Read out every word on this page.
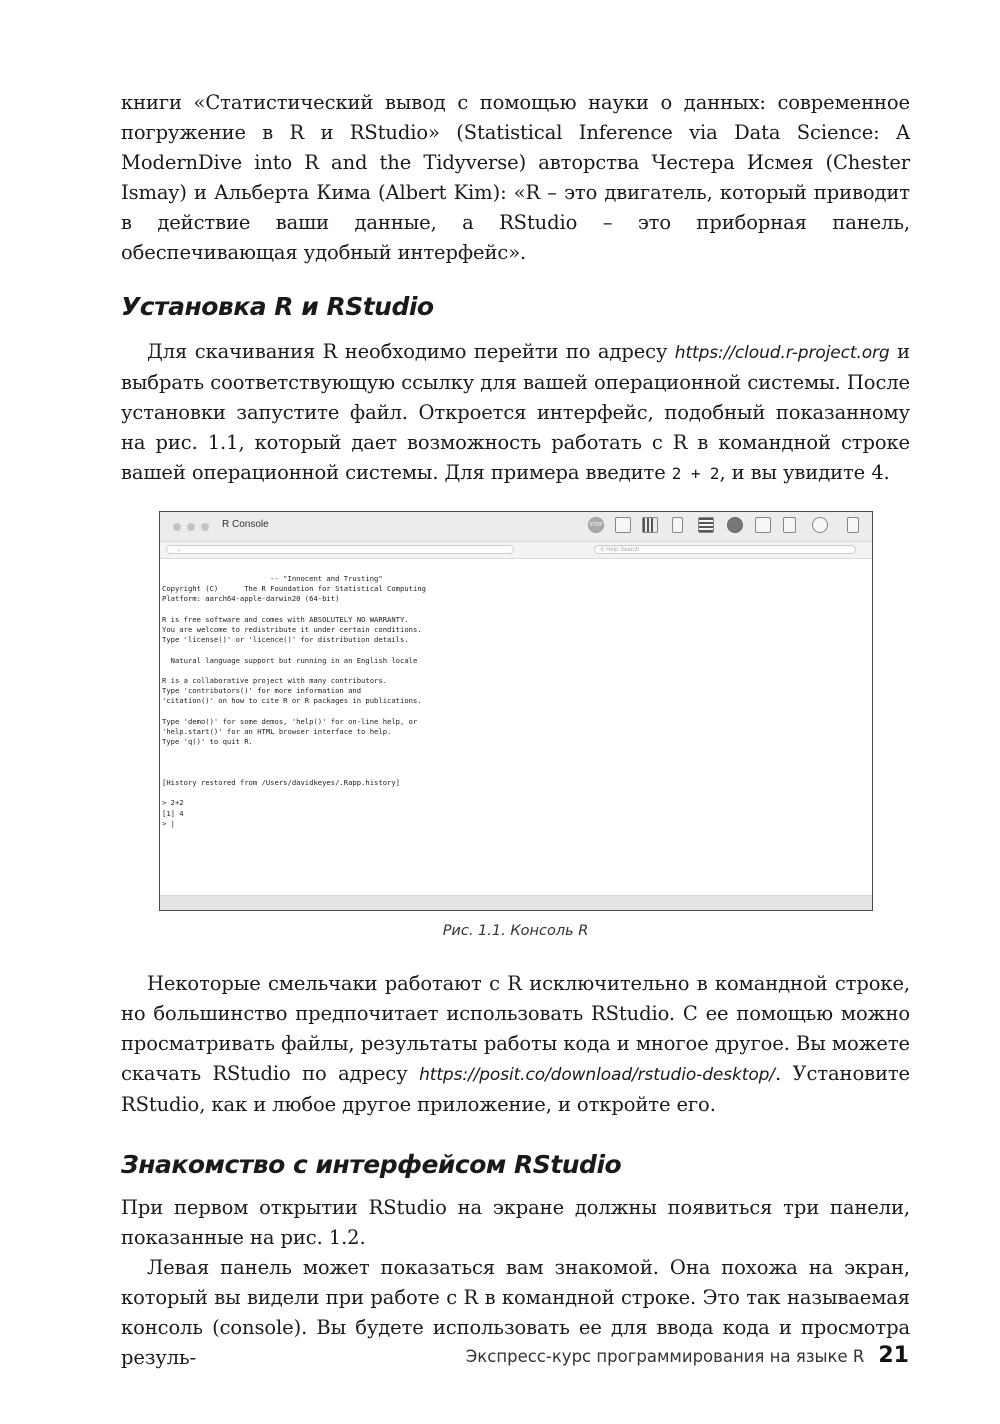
книги «Статистический вывод с помощью науки о данных: современное погружение в R и RStudio» (Statistical Inference via Data Science: A ModernDive into R and the Tidyverse) авторства Честера Исмея (Chester Ismay) и Альберта Кима (Albert Kim): «R – это двигатель, который приводит в действие ваши данные, а RStudio – это приборная панель, обеспечивающая удобный интерфейс».

Установка R и RStudio

Для скачивания R необходимо перейти по адресу https://cloud.r-project.org и выбрать соответствующую ссылку для вашей операционной системы. После установки запустите файл. Откроется интерфейс, подобный показанному на рис. 1.1, который дает возможность работать с R в командной строке вашей операционной системы. Для примера введите 2 + 2, и вы увидите 4.

R Console	STOP
~	⚲ Help Search
-- "Innocent and Trusting"
Copyright (C)      The R Foundation for Statistical Computing
Platform: aarch64-apple-darwin20 (64-bit)

R is free software and comes with ABSOLUTELY NO WARRANTY.
You are welcome to redistribute it under certain conditions.
Type 'license()' or 'licence()' for distribution details.

Natural language support but running in an English locale

R is a collaborative project with many contributors.
Type 'contributors()' for more information and
'citation()' on how to cite R or R packages in publications.

Type 'demo()' for some demos, 'help()' for on-line help, or
'help.start()' for an HTML browser interface to help.
Type 'q()' to quit R.

[History restored from /Users/davidkeyes/.Rapp.history]

> 2+2
[1] 4
> |
Рис. 1.1. Консоль R

Некоторые смельчаки работают с R исключительно в командной строке, но большинство предпочитает использовать RStudio. С ее помощью можно просматривать файлы, результаты работы кода и многое другое. Вы можете скачать RStudio по адресу https://posit.co/download/rstudio-desktop/. Установите RStudio, как и любое другое приложение, и откройте его.

Знакомство с интерфейсом RStudio

При первом открытии RStudio на экране должны появиться три панели, показанные на рис. 1.2.

Левая панель может показаться вам знакомой. Она похожа на экран, который вы видели при работе с R в командной строке. Это так называемая консоль (console). Вы будете использовать ее для ввода кода и просмотра резуль-	Экспресс-курс программирования на языке R 21
